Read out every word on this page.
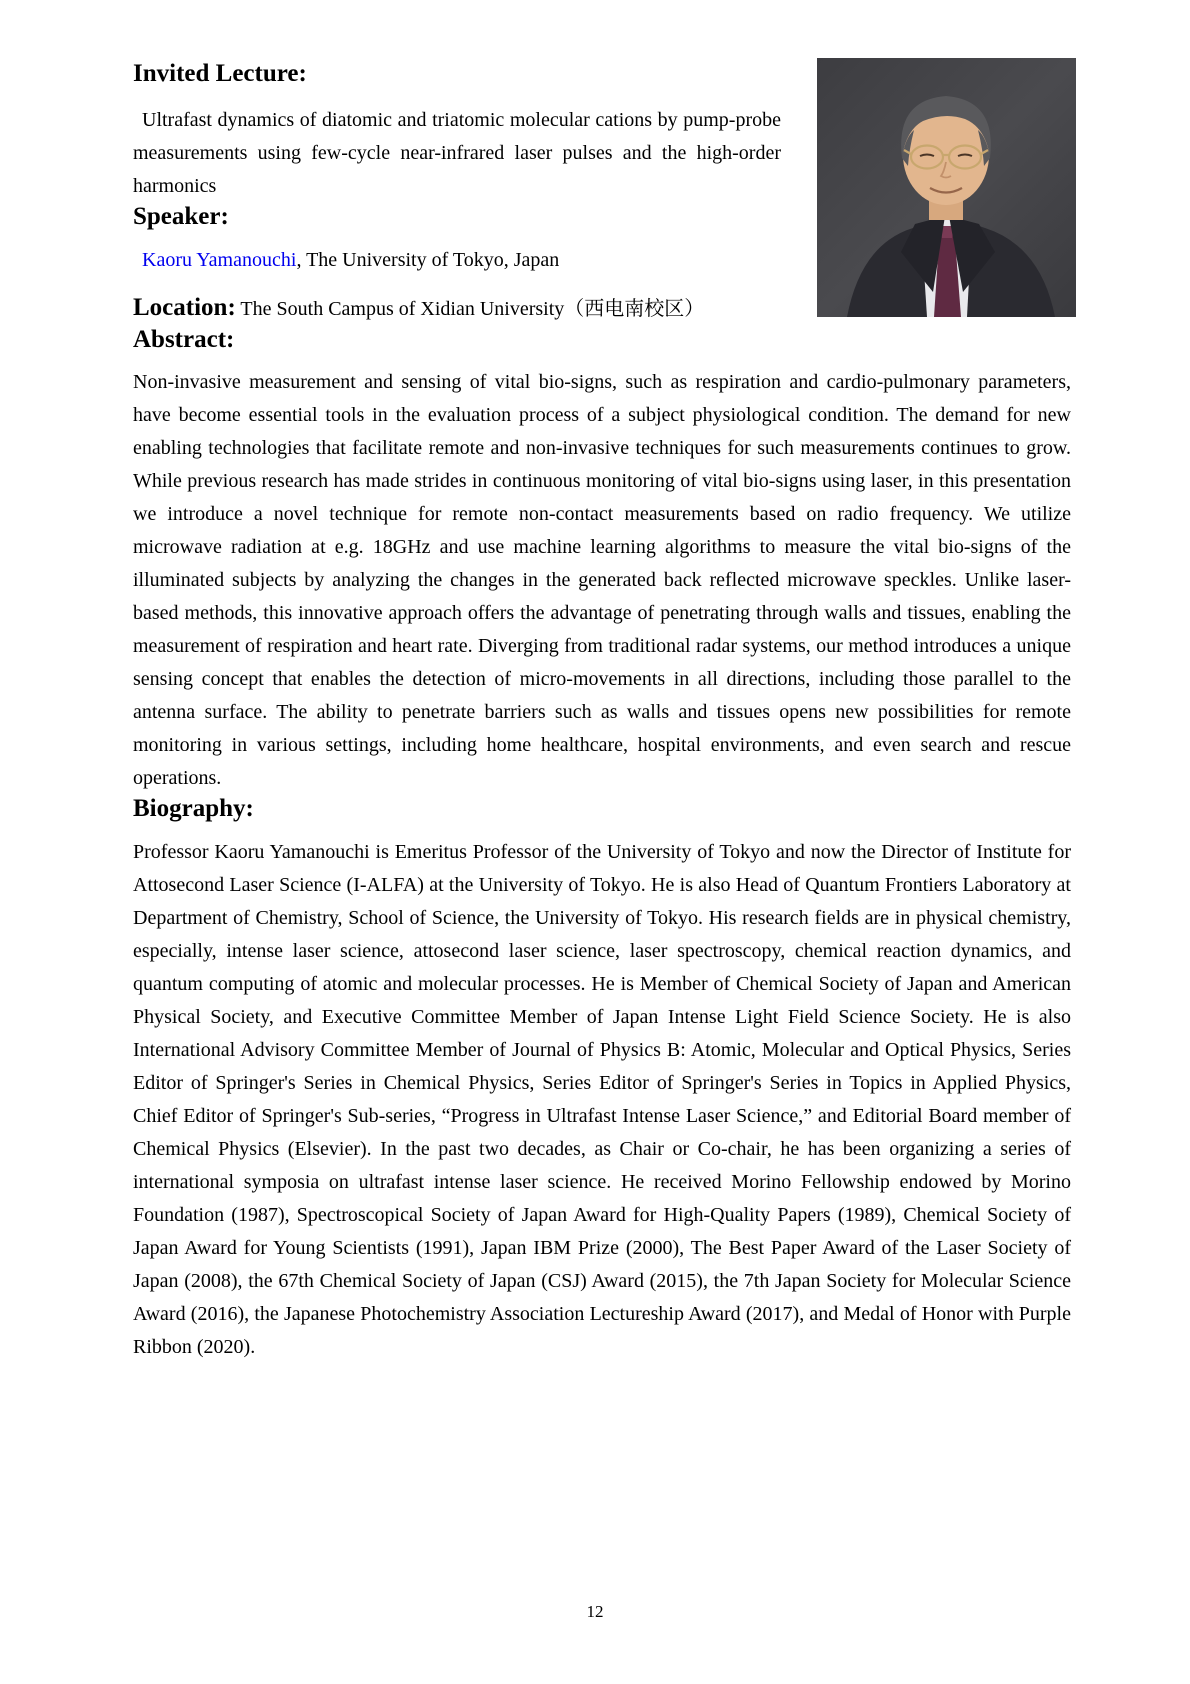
Invited Lecture:

Ultrafast dynamics of diatomic and triatomic molecular cations by pump-probe measurements using few-cycle near-infrared laser pulses and the high-order harmonics

Speaker:

Kaoru Yamanouchi, The University of Tokyo, Japan

Location: The South Campus of Xidian University（西电南校区）

Abstract:

Non-invasive measurement and sensing of vital bio-signs, such as respiration and cardio-pulmonary parameters, have become essential tools in the evaluation process of a subject physiological condition. The demand for new enabling technologies that facilitate remote and non-invasive techniques for such measurements continues to grow. While previous research has made strides in continuous monitoring of vital bio-signs using laser, in this presentation we introduce a novel technique for remote non-contact measurements based on radio frequency. We utilize microwave radiation at e.g. 18GHz and use machine learning algorithms to measure the vital bio-signs of the illuminated subjects by analyzing the changes in the generated back reflected microwave speckles. Unlike laser-based methods, this innovative approach offers the advantage of penetrating through walls and tissues, enabling the measurement of respiration and heart rate. Diverging from traditional radar systems, our method introduces a unique sensing concept that enables the detection of micro-movements in all directions, including those parallel to the antenna surface. The ability to penetrate barriers such as walls and tissues opens new possibilities for remote monitoring in various settings, including home healthcare, hospital environments, and even search and rescue operations.

Biography:

Professor Kaoru Yamanouchi is Emeritus Professor of the University of Tokyo and now the Director of Institute for Attosecond Laser Science (I-ALFA) at the University of Tokyo. He is also Head of Quantum Frontiers Laboratory at Department of Chemistry, School of Science, the University of Tokyo. His research fields are in physical chemistry, especially, intense laser science, attosecond laser science, laser spectroscopy, chemical reaction dynamics, and quantum computing of atomic and molecular processes. He is Member of Chemical Society of Japan and American Physical Society, and Executive Committee Member of Japan Intense Light Field Science Society. He is also International Advisory Committee Member of Journal of Physics B: Atomic, Molecular and Optical Physics, Series Editor of Springer's Series in Chemical Physics, Series Editor of Springer's Series in Topics in Applied Physics, Chief Editor of Springer's Sub-series, “Progress in Ultrafast Intense Laser Science,” and Editorial Board member of Chemical Physics (Elsevier). In the past two decades, as Chair or Co-chair, he has been organizing a series of international symposia on ultrafast intense laser science. He received Morino Fellowship endowed by Morino Foundation (1987), Spectroscopical Society of Japan Award for High-Quality Papers (1989), Chemical Society of Japan Award for Young Scientists (1991), Japan IBM Prize (2000), The Best Paper Award of the Laser Society of Japan (2008), the 67th Chemical Society of Japan (CSJ) Award (2015), the 7th Japan Society for Molecular Science Award (2016), the Japanese Photochemistry Association Lectureship Award (2017), and Medal of Honor with Purple Ribbon (2020).

12
